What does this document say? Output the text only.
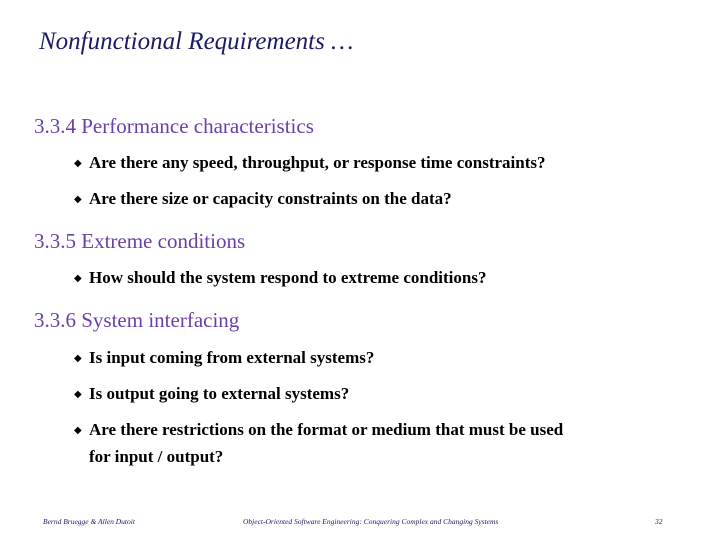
Nonfunctional Requirements …
3.3.4 Performance characteristics
◆ Are there any speed, throughput, or response time constraints?
◆ Are there size or capacity constraints on the data?
3.3.5 Extreme conditions
◆ How should the system respond to extreme conditions?
3.3.6 System interfacing
◆ Is input coming from external systems?
◆ Is output going to external systems?
◆ Are there restrictions on the format or medium that must be used
for input / output?
Bernd Bruegge & Allen Dutoit	Object-Oriented Software Engineering: Conquering Complex and Changing Systems	32
